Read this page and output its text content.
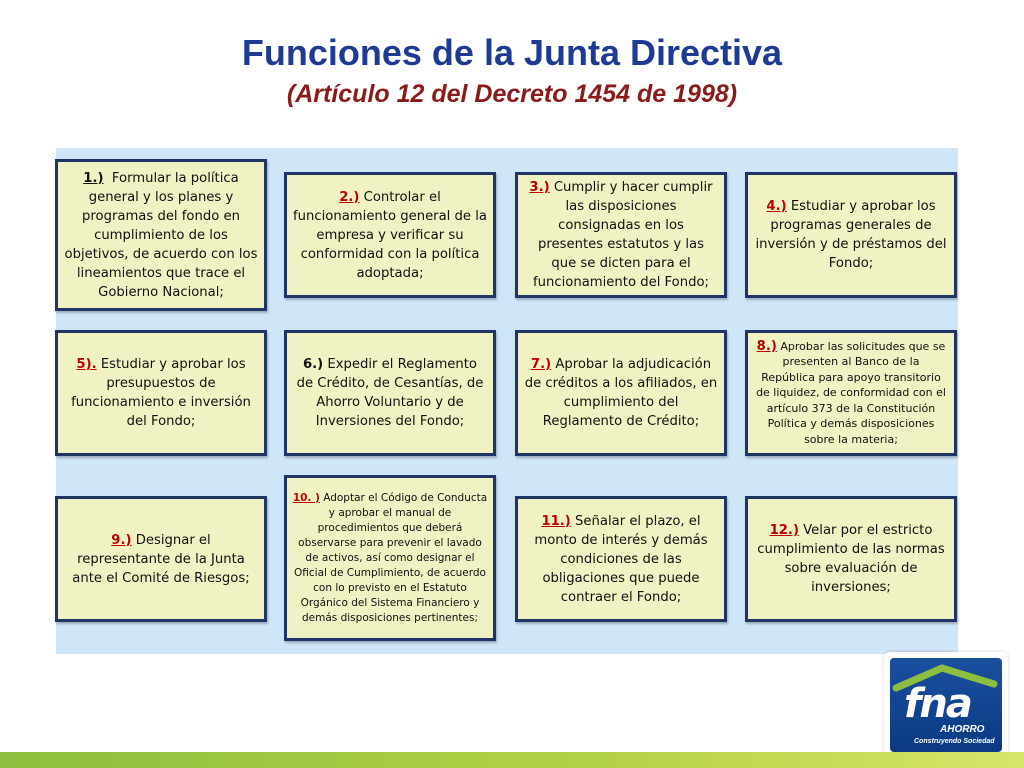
Funciones de la Junta Directiva
(Artículo 12 del Decreto 1454 de 1998)
1.) Formular la política general y los planes y programas del fondo en cumplimiento de los objetivos, de acuerdo con los lineamientos que trace el Gobierno Nacional;
2.) Controlar el funcionamiento general de la empresa y verificar su conformidad con la política adoptada;
3.) Cumplir y hacer cumplir las disposiciones consignadas en los presentes estatutos y las que se dicten para el funcionamiento del Fondo;
4.) Estudiar y aprobar los programas generales de inversión y de préstamos del Fondo;
5). Estudiar y aprobar los presupuestos de funcionamiento e inversión del Fondo;
6.) Expedir el Reglamento de Crédito, de Cesantías, de Ahorro Voluntario y de Inversiones del Fondo;
7.) Aprobar la adjudicación de créditos a los afiliados, en cumplimiento del Reglamento de Crédito;
8.) Aprobar las solicitudes que se presenten al Banco de la República para apoyo transitorio de liquidez, de conformidad con el artículo 373 de la Constitución Política y demás disposiciones sobre la materia;
9.) Designar el representante de la Junta ante el Comité de Riesgos;
10. ) Adoptar el Código de Conducta y aprobar el manual de procedimientos que deberá observarse para prevenir el lavado de activos, así como designar el Oficial de Cumplimiento, de acuerdo con lo previsto en el Estatuto Orgánico del Sistema Financiero y demás disposiciones pertinentes;
11.) Señalar el plazo, el monto de interés y demás condiciones de las obligaciones que puede contraer el Fondo;
12.) Velar por el estricto cumplimiento de las normas sobre evaluación de inversiones;
fna
AHORRO
Construyendo Sociedad
